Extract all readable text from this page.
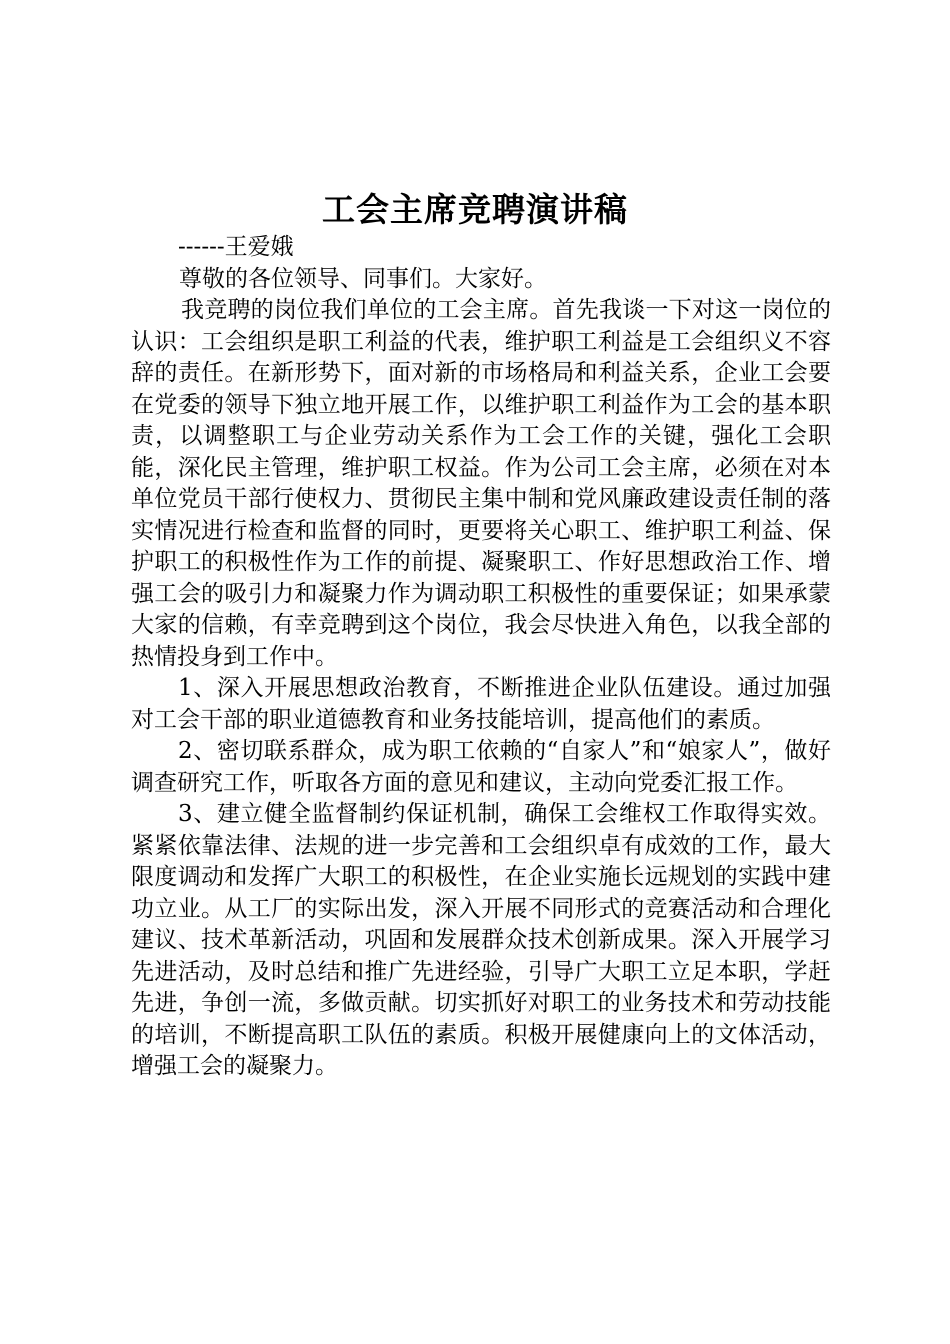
工会主席竞聘演讲稿

------王爱娥

尊敬的各位领导、同事们。大家好。

我竞聘的岗位我们单位的工会主席。首先我谈一下对这一岗位的认识：工会组织是职工利益的代表，维护职工利益是工会组织义不容辞的责任。在新形势下，面对新的市场格局和利益关系，企业工会要在党委的领导下独立地开展工作，以维护职工利益作为工会的基本职责，以调整职工与企业劳动关系作为工会工作的关键，强化工会职能，深化民主管理，维护职工权益。作为公司工会主席，必须在对本单位党员干部行使权力、贯彻民主集中制和党风廉政建设责任制的落实情况进行检查和监督的同时，更要将关心职工、维护职工利益、保护职工的积极性作为工作的前提、凝聚职工、作好思想政治工作、增强工会的吸引力和凝聚力作为调动职工积极性的重要保证；如果承蒙大家的信赖，有幸竞聘到这个岗位，我会尽快进入角色，以我全部的热情投身到工作中。

1、深入开展思想政治教育，不断推进企业队伍建设。通过加强对工会干部的职业道德教育和业务技能培训，提高他们的素质。

2、密切联系群众，成为职工依赖的“自家人”和“娘家人”，做好调查研究工作，听取各方面的意见和建议，主动向党委汇报工作。

3、建立健全监督制约保证机制，确保工会维权工作取得实效。紧紧依靠法律、法规的进一步完善和工会组织卓有成效的工作，最大限度调动和发挥广大职工的积极性，在企业实施长远规划的实践中建功立业。从工厂的实际出发，深入开展不同形式的竞赛活动和合理化建议、技术革新活动，巩固和发展群众技术创新成果。深入开展学习先进活动，及时总结和推广先进经验，引导广大职工立足本职，学赶先进，争创一流，多做贡献。切实抓好对职工的业务技术和劳动技能的培训，不断提高职工队伍的素质。积极开展健康向上的文体活动，增强工会的凝聚力。
